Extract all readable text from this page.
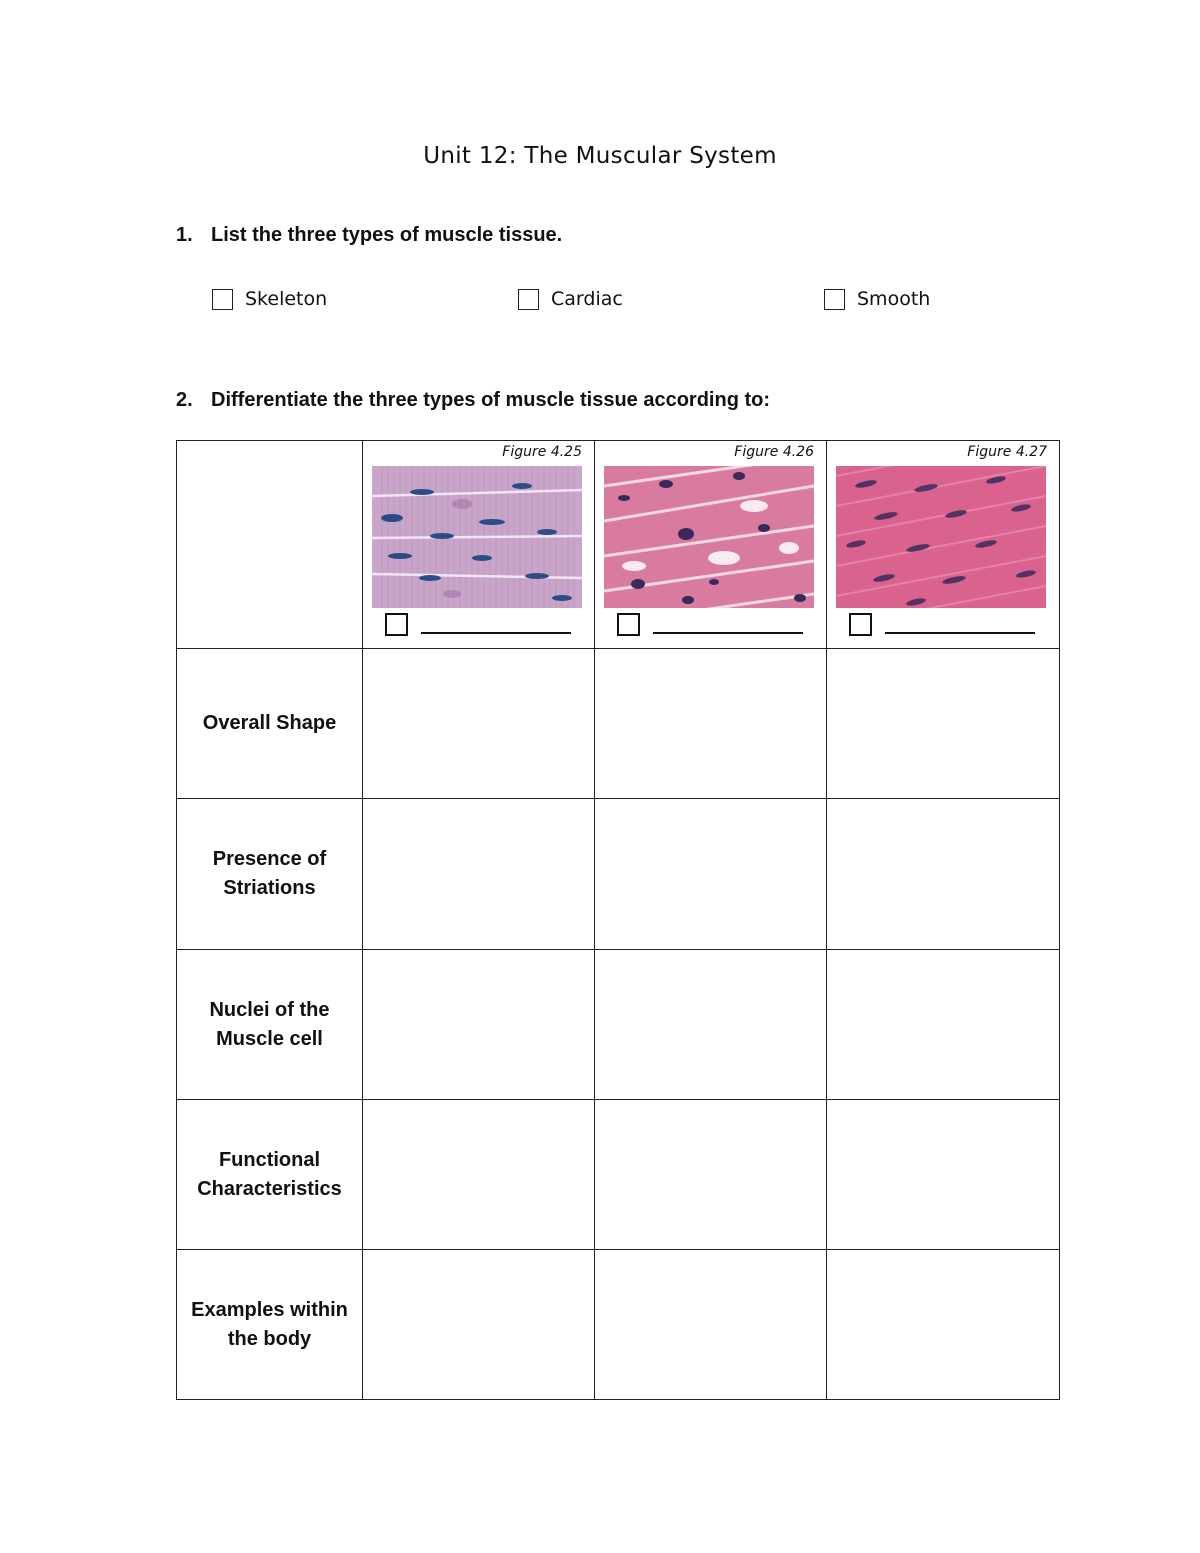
Unit 12: The Muscular System
1. List the three types of muscle tissue.
Skeleton	Cardiac	Smooth
2. Differentiate the three types of muscle tissue according to:

	Figure 4.25	Figure 4.26	Figure 4.27

Overall Shape			

Presence of
Striations			

Nuclei of the
Muscle cell			

Functional
Characteristics			

Examples within
the body			
